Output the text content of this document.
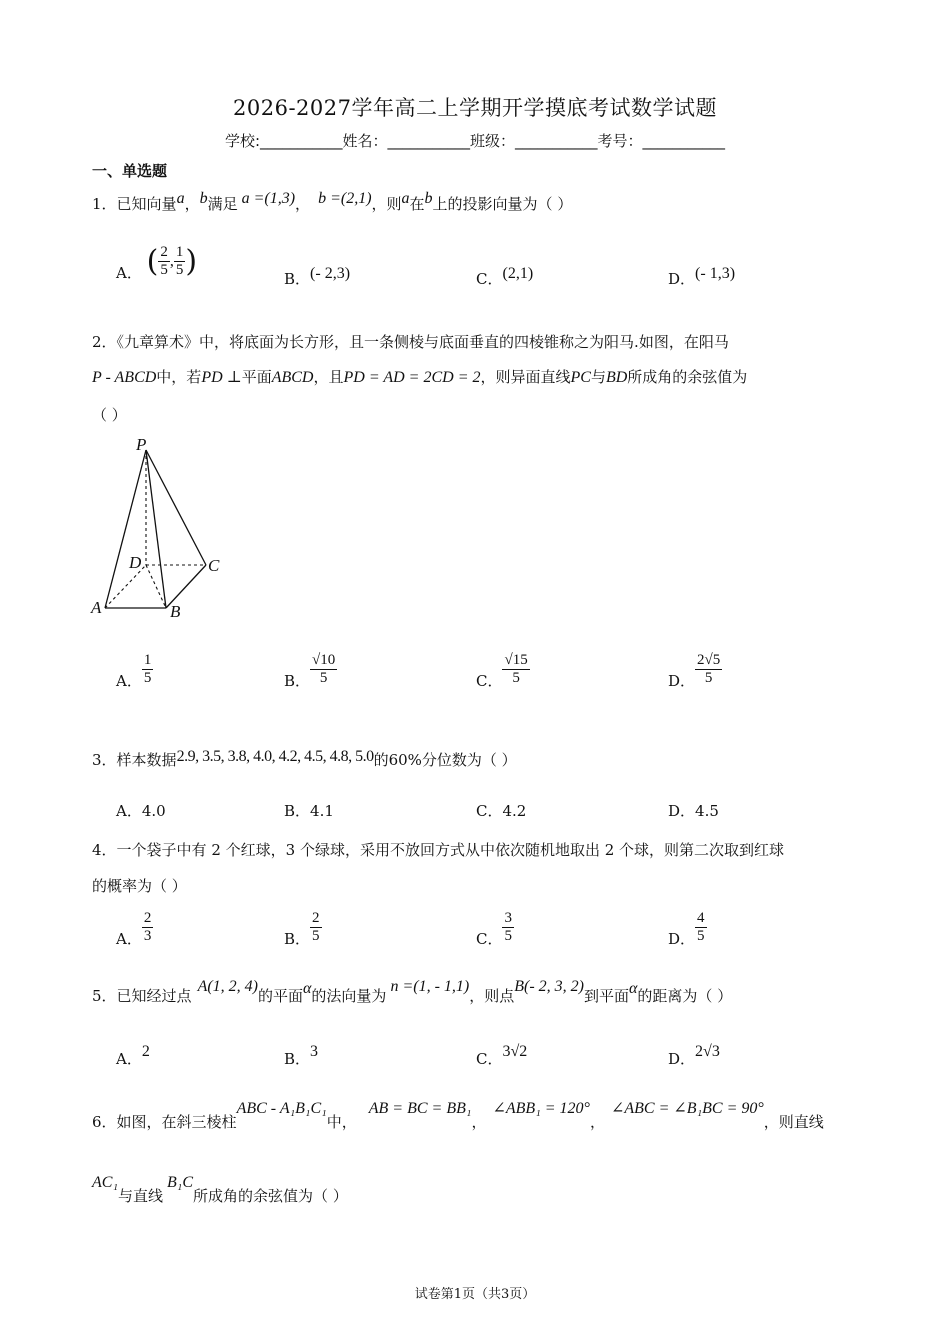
2026-2027学年高二上学期开学摸底考试数学试题
学校:___________姓名：___________班级：___________考号：___________
一、单选题
1．已知向量a，b满足 a =(1,3)， b =(2,1)，则a在b上的投影向量为（ ）
A． ( $\frac{2}{5}$ , $\frac{1}{5}$ )	B．(- 2,3)	C．(2,1)	D．(- 1,3)
2．《九章算术》中，将底面为长方形，且一条侧棱与底面垂直的四棱锥称之为阳马.如图，在阳马
P - ABCD中，若PD ⊥平面ABCD，且PD = AD = 2CD = 2，则异面直线PC与BD所成角的余弦值为
（ ）
P
D	C
A	B
A． $\frac{1}{5}$	B． $\frac{√10}{5}$	C． $\frac{√15}{5}$	D． $\frac{2√5}{5}$
3．样本数据2.9, 3.5, 3.8, 4.0, 4.2, 4.5, 4.8, 5.0的60%分位数为（ ）
A．4.0	B．4.1	C．4.2	D．4.5
4．一个袋子中有 2 个红球，3 个绿球，采用不放回方式从中依次随机地取出 2 个球，则第二次取到红球
的概率为（ ）
A． $\frac{2}{3}$	B． $\frac{2}{5}$	C． $\frac{3}{5}$	D． $\frac{4}{5}$
5．已知经过点A(1, 2, 4)的平面α的法向量为n =(1, - 1,1)，则点B(- 2, 3, 2)到平面α的距离为（ ）
A．2	B．3	C．3√2	D．2√3
6．如图，在斜三棱柱ABC - A₁B₁C₁中，AB = BC = BB₁，∠ABB₁ = 120°，∠ABC = ∠B₁BC = 90°，则直线
AC₁与直线B₁C所成角的余弦值为（ ）
试卷第1页（共3页）
